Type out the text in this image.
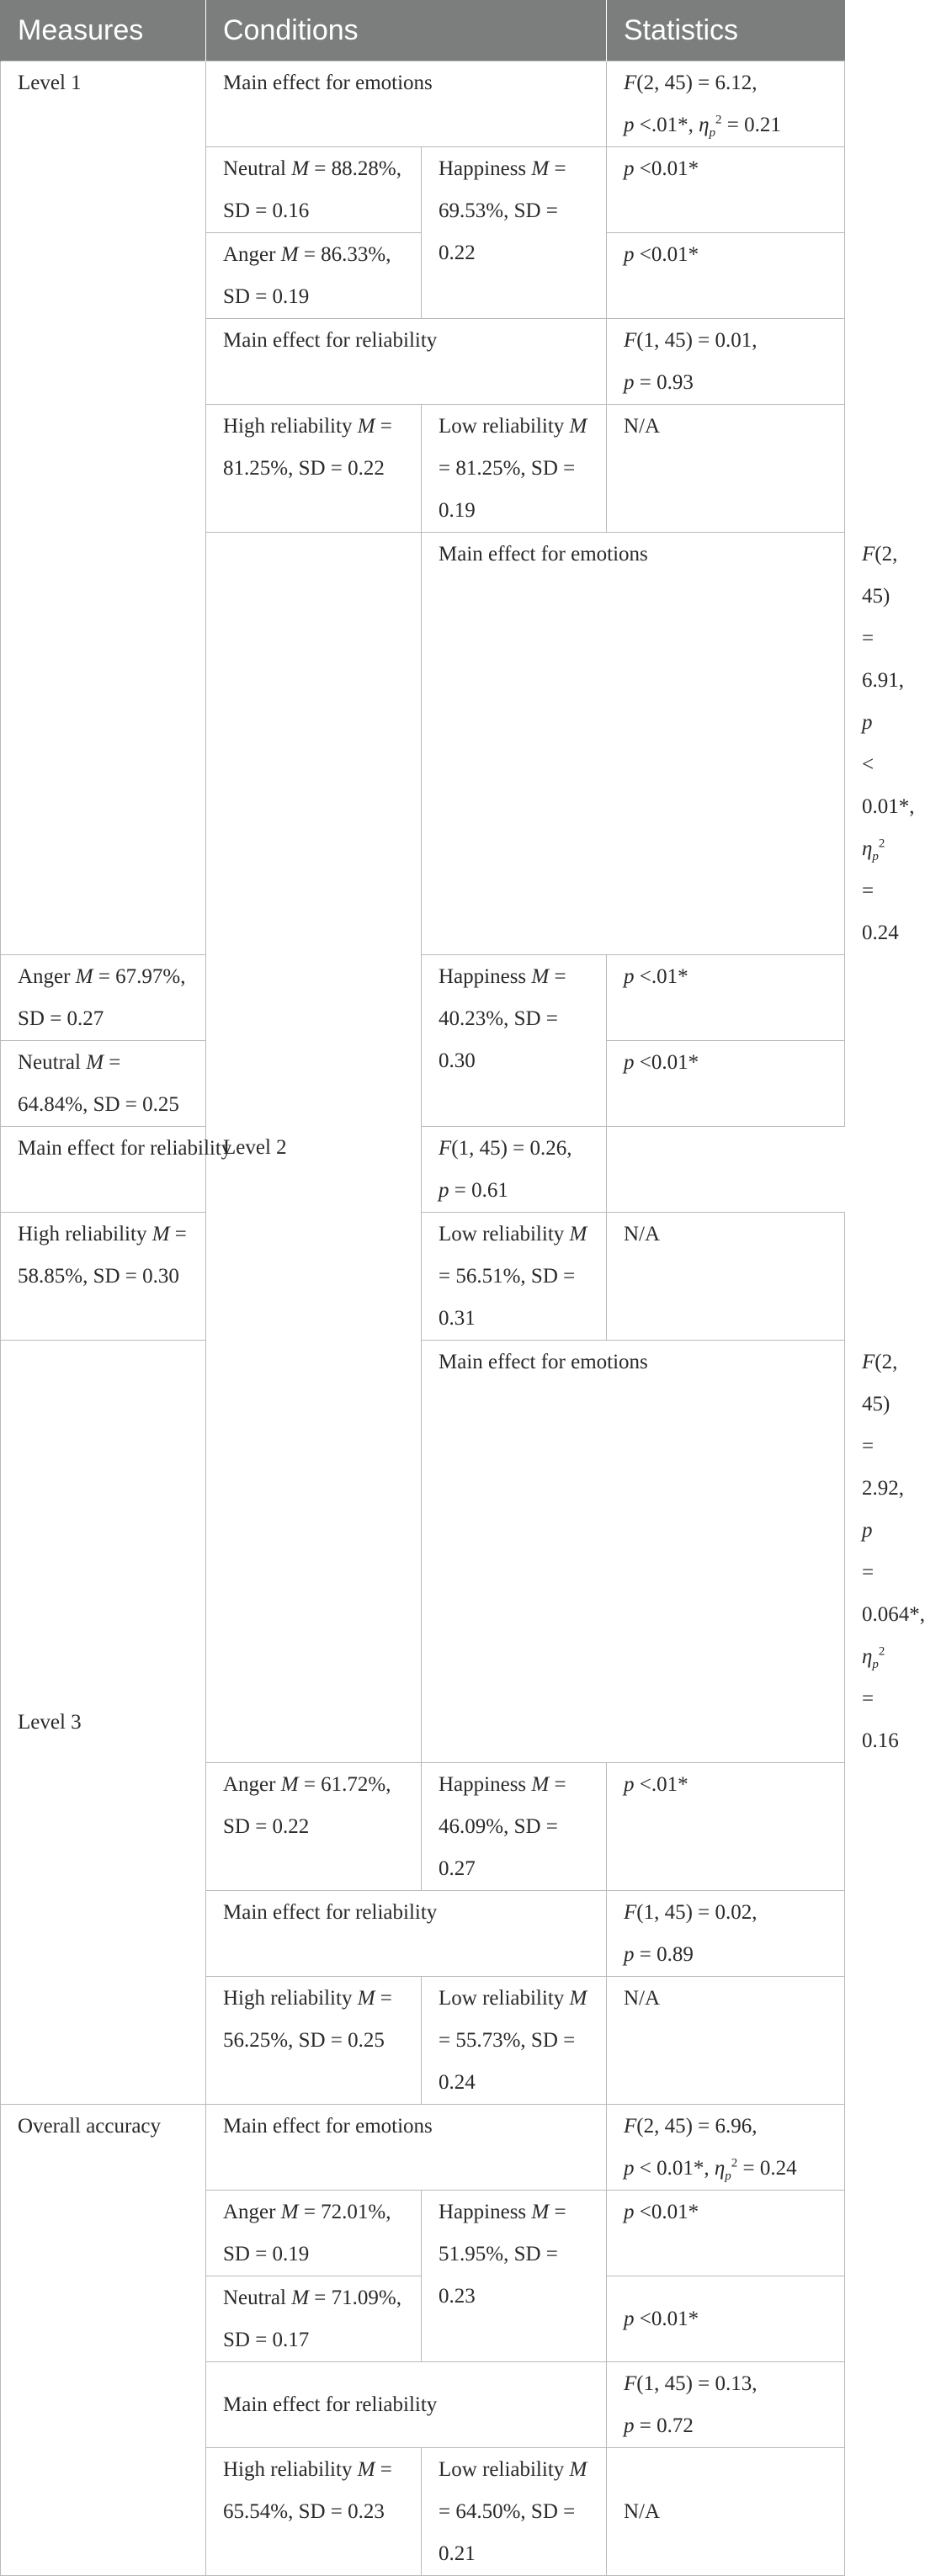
Measures	Conditions		Statistics	
Level 1	Main effect for emotions		F(2, 45) = 6.12,
p <.01*, $\eta_p^2 = 0.21$	
	Neutral M = 88.28%, SD = 0.16	Happiness M = 69.53%, SD = 0.22	p <0.01*	
	Anger M = 86.33%, SD = 0.19		p <0.01*	
	Main effect for reliability		F(1, 45) = 0.01,
p = 0.93	
	High reliability M = 81.25%, SD = 0.22	Low reliability M = 81.25%, SD = 0.19	N/A	
	Level 2	Main effect for emotions		F(2, 45) = 6.91, p < 0.01*, $\eta_p^2 = 0.24$
Anger M = 67.97%, SD = 0.27		Happiness M = 40.23%, SD = 0.30	p <.01*	
Neutral M = 64.84%, SD = 0.25			p <0.01*	
Main effect for reliability		F(1, 45) = 0.26,
p = 0.61		
High reliability M = 58.85%, SD = 0.30		Low reliability M = 56.51%, SD = 0.31	N/A	
Level 3		Main effect for emotions		F(2, 45) = 2.92,
p = 0.064*, $\eta_p^2 = 0.16$
	Anger M = 61.72%, SD = 0.22	Happiness M = 46.09%, SD = 0.27	p <.01*	
	Main effect for reliability		F(1, 45) = 0.02,
p = 0.89	
	High reliability M = 56.25%, SD = 0.25	Low reliability M = 55.73%, SD = 0.24	N/A	
Overall accuracy	Main effect for emotions		F(2, 45) = 6.96,
p < 0.01*, $\eta_p^2 = 0.24$	
	Anger M = 72.01%, SD = 0.19	Happiness M = 51.95%, SD = 0.23	p <0.01*	
	Neutral M = 71.09%, SD = 0.17		p <0.01*	
	Main effect for reliability		F(1, 45) = 0.13,
p = 0.72	
	High reliability M = 65.54%, SD = 0.23	Low reliability M = 64.50%, SD = 0.21	N/A	
